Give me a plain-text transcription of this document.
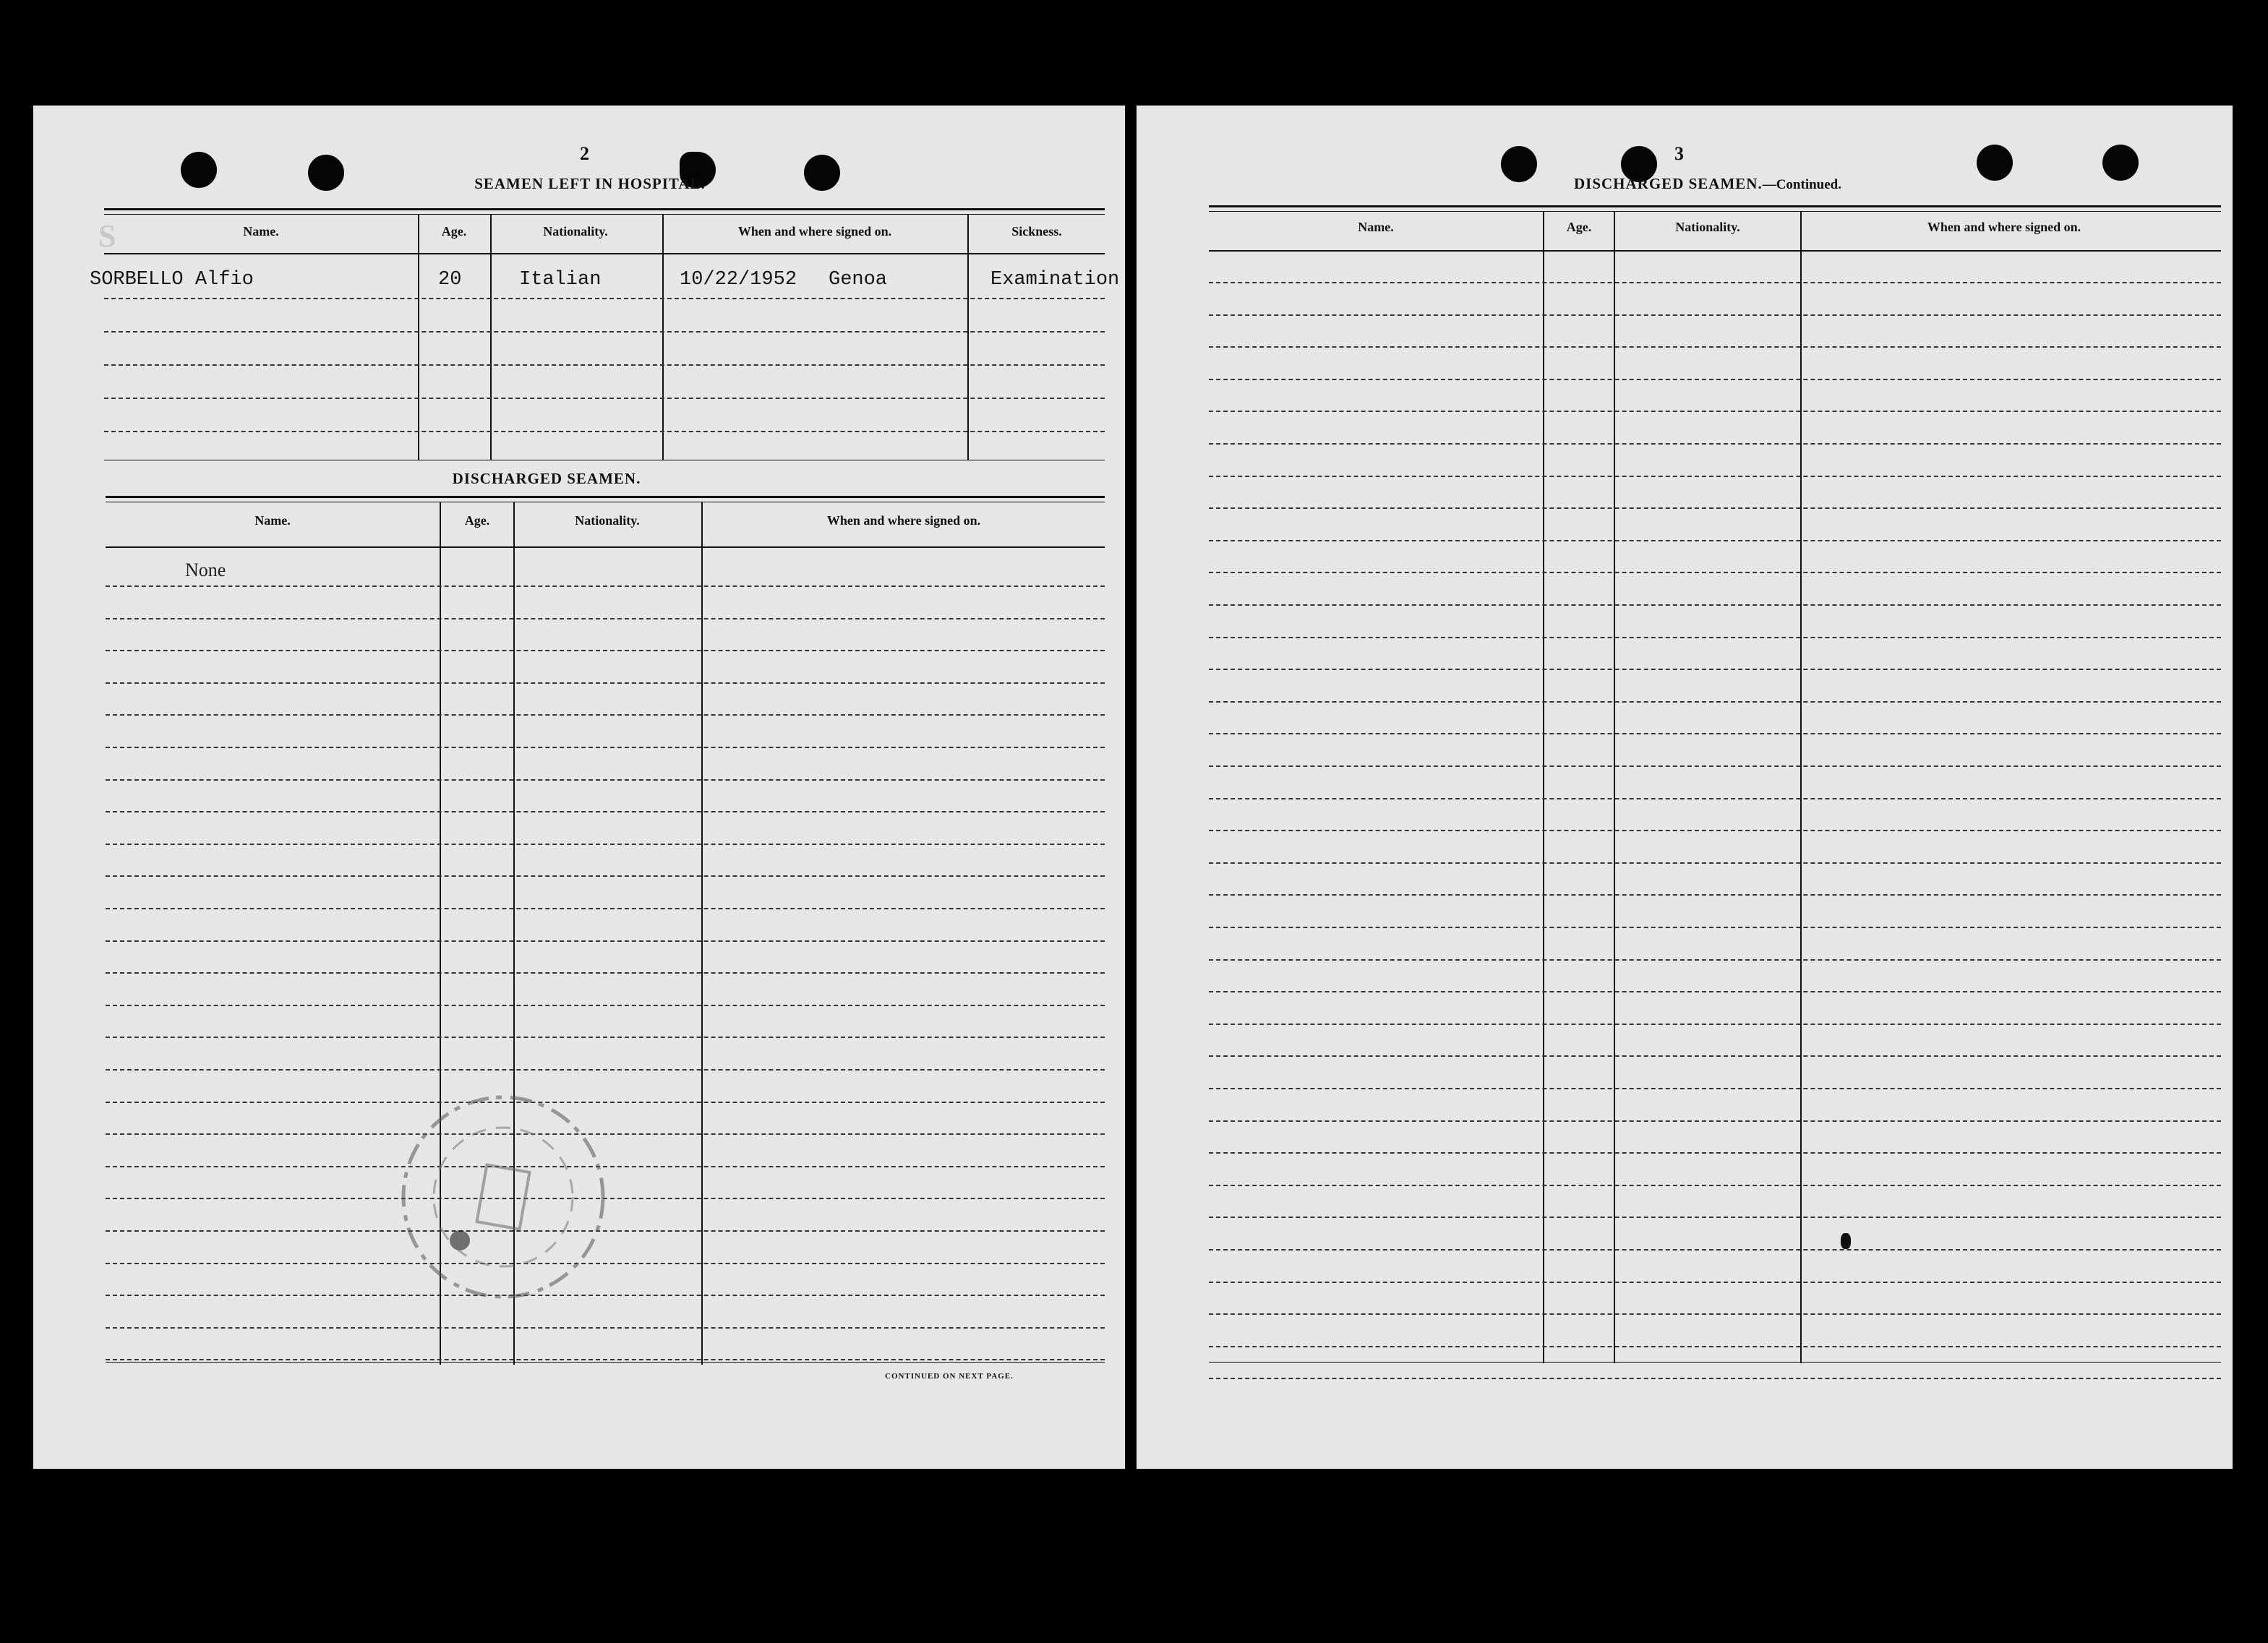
S
2
SEAMEN LEFT IN HOSPITAL.
Name.	Age.	Nationality.	When and where signed on.	Sickness.
SORBELLO Alfio	20	Italian	10/22/1952 Genoa	Examination
DISCHARGED SEAMEN.
Name.	Age.	Nationality.	When and where signed on.
None
CONTINUED ON NEXT PAGE.
3
DISCHARGED SEAMEN.—Continued.
Name.	Age.	Nationality.	When and where signed on.
